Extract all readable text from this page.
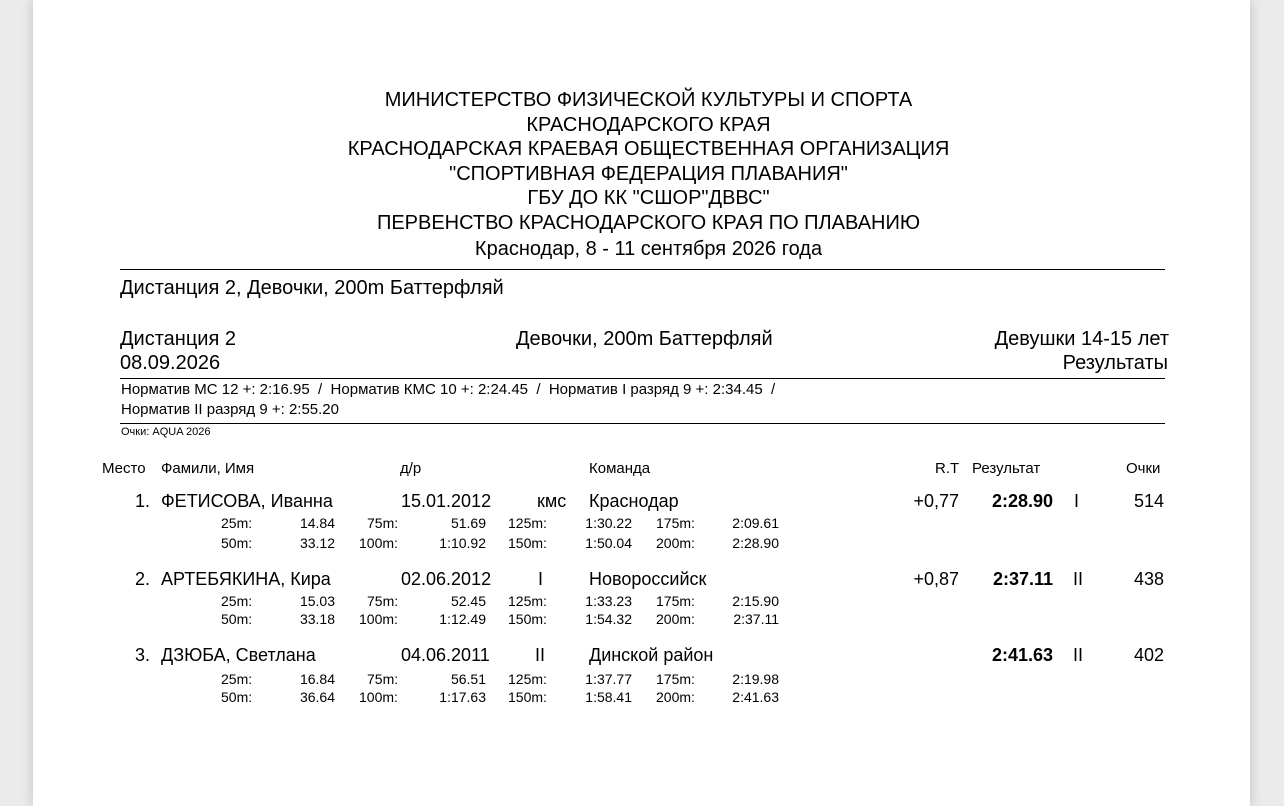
МИНИСТЕРСТВО ФИЗИЧЕСКОЙ КУЛЬТУРЫ И СПОРТА
КРАСНОДАРСКОГО КРАЯ
КРАСНОДАРСКАЯ КРАЕВАЯ ОБЩЕСТВЕННАЯ ОРГАНИЗАЦИЯ
"СПОРТИВНАЯ ФЕДЕРАЦИЯ ПЛАВАНИЯ"
ГБУ ДО КК "СШОР"ДВВС"
ПЕРВЕНСТВО КРАСНОДАРСКОГО КРАЯ ПО ПЛАВАНИЮ
Краснодар, 8 - 11 сентября 2026 года
Дистанция 2, Девочки, 200m Баттерфляй
Дистанция 2
08.09.2026
Девочки, 200m Баттерфляй	Девушки 14-15 лет
Результаты
Норматив МС 12 +: 2:16.95  /  Норматив КМС 10 +: 2:24.45  /  Норматив I разряд 9 +: 2:34.45  /
Норматив II разряд 9 +: 2:55.20
Очки: AQUA 2026
Место Фамили, Имя	д/р	Команда	R.T Результат	Очки
1. ФЕТИСОВА, Иванна	15.01.2012	кмс Краснодар	+0,77	2:28.90 I	514
25m:	14.84 75m:	51.69 125m:	1:30.22 175m:	2:09.61
50m:	33.12 100m:	1:10.92 150m:	1:50.04 200m:	2:28.90
2. АРТЕБЯКИНА, Кира	02.06.2012	I	Новороссийск	+0,87	2:37.11 II	438
25m:	15.03 75m:	52.45 125m:	1:33.23 175m:	2:15.90
50m:	33.18 100m:	1:12.49 150m:	1:54.32 200m:	2:37.11
3. ДЗЮБА, Светлана	04.06.2011	II Динской район	2:41.63 II	402
25m:	16.84 75m:	56.51 125m:	1:37.77 175m:	2:19.98
50m:	36.64 100m:	1:17.63 150m:	1:58.41 200m:	2:41.63
